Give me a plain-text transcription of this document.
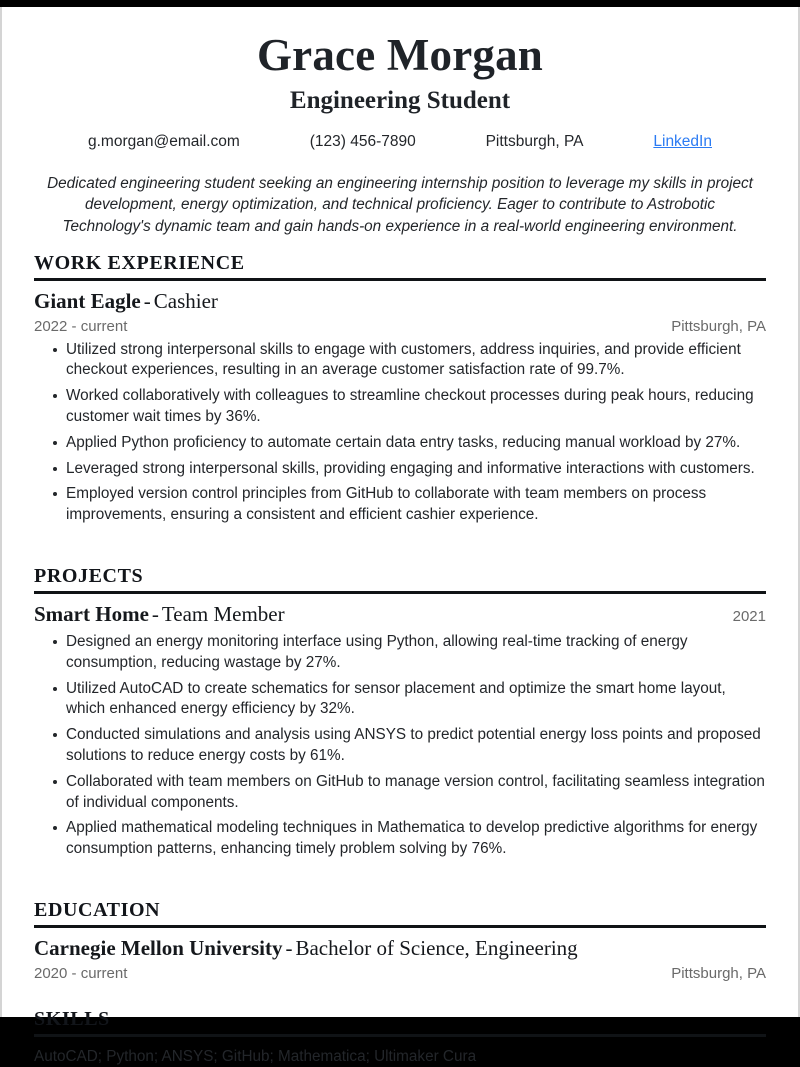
Grace Morgan
Engineering Student
g.morgan@email.com	(123) 456-7890	Pittsburgh, PA	LinkedIn
Dedicated engineering student seeking an engineering internship position to leverage my skills in project development, energy optimization, and technical proficiency. Eager to contribute to Astrobotic Technology's dynamic team and gain hands-on experience in a real-world engineering environment.
WORK EXPERIENCE
Giant Eagle - Cashier
2022 - current	Pittsburgh, PA
Utilized strong interpersonal skills to engage with customers, address inquiries, and provide efficient checkout experiences, resulting in an average customer satisfaction rate of 99.7%.
Worked collaboratively with colleagues to streamline checkout processes during peak hours, reducing customer wait times by 36%.
Applied Python proficiency to automate certain data entry tasks, reducing manual workload by 27%.
Leveraged strong interpersonal skills, providing engaging and informative interactions with customers.
Employed version control principles from GitHub to collaborate with team members on process improvements, ensuring a consistent and efficient cashier experience.
PROJECTS
Smart Home - Team Member	2021
Designed an energy monitoring interface using Python, allowing real-time tracking of energy consumption, reducing wastage by 27%.
Utilized AutoCAD to create schematics for sensor placement and optimize the smart home layout, which enhanced energy efficiency by 32%.
Conducted simulations and analysis using ANSYS to predict potential energy loss points and proposed solutions to reduce energy costs by 61%.
Collaborated with team members on GitHub to manage version control, facilitating seamless integration of individual components.
Applied mathematical modeling techniques in Mathematica to develop predictive algorithms for energy consumption patterns, enhancing timely problem solving by 76%.
EDUCATION
Carnegie Mellon University - Bachelor of Science, Engineering
2020 - current	Pittsburgh, PA
SKILLS
AutoCAD; Python; ANSYS; GitHub; Mathematica; Ultimaker Cura
